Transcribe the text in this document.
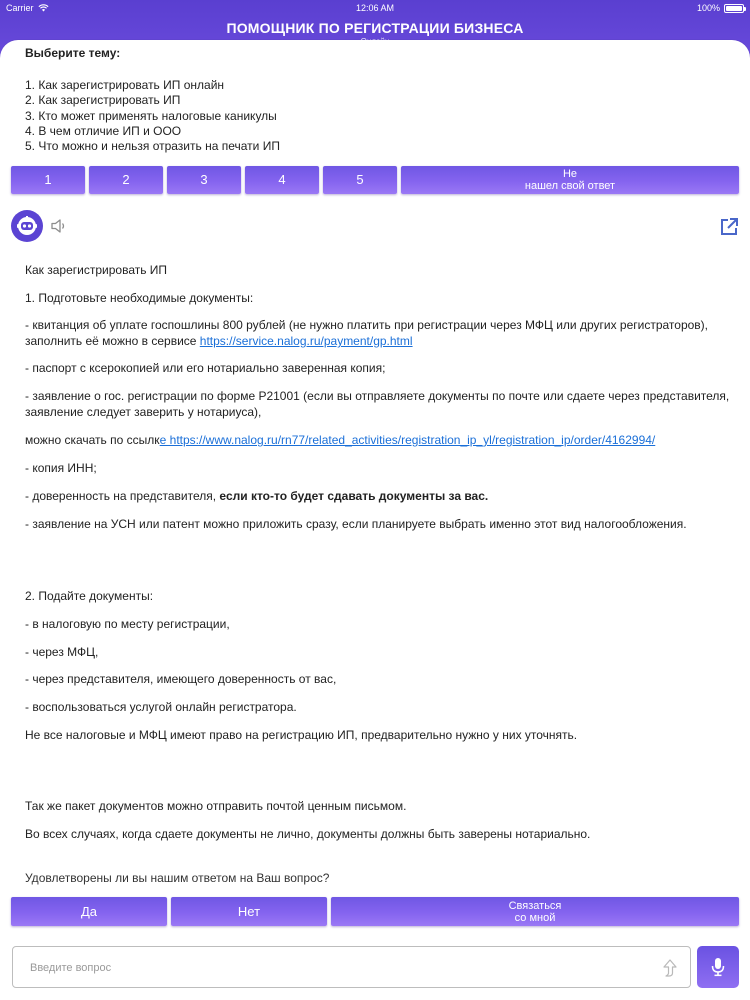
Carrier	12:06 AM	100%
ПОМОЩНИК ПО РЕГИСТРАЦИИ БИЗНЕСА
Выберите тему:
1. Как зарегистрировать ИП онлайн
2. Как зарегистрировать ИП
3. Кто может применять налоговые каникулы
4. В чем отличие ИП и ООО
5. Что можно и нельзя отразить на печати ИП
1	2	3	4	5	Не
нашел свой ответ

Как зарегистрировать ИП

1. Подготовьте необходимые документы:

- квитанция об уплате госпошлины 800 рублей (не нужно платить при регистрации через МФЦ или других регистраторов), заполнить её можно в сервисе https://service.nalog.ru/payment/gp.html

- паспорт с ксерокопией или его нотариально заверенная копия;

- заявление о гос. регистрации по форме Р21001 (если вы отправляете документы по почте или сдаете через представителя, заявление следует заверить у нотариуса),

можно скачать по ссылке https://www.nalog.ru/rn77/related_activities/registration_ip_yl/registration_ip/order/4162994/

- копия ИНН;

- доверенность на представителя, если кто-то будет сдавать документы за вас.

- заявление на УСН или патент можно приложить сразу, если планируете выбрать именно этот вид налогообложения.

2. Подайте документы:

- в налоговую по месту регистрации,

- через МФЦ,

- через представителя, имеющего доверенность от вас,

- воспользоваться услугой онлайн регистратора.

Не все налоговые и МФЦ имеют право на регистрацию ИП, предварительно нужно у них уточнять.

Так же пакет документов можно отправить почтой ценным письмом.

Во всех случаях, когда сдаете документы не лично, документы должны быть заверены нотариально.

Удовлетворены ли вы нашим ответом на Ваш вопрос?
Да	Нет	Связаться
со мной
Введите вопрос
